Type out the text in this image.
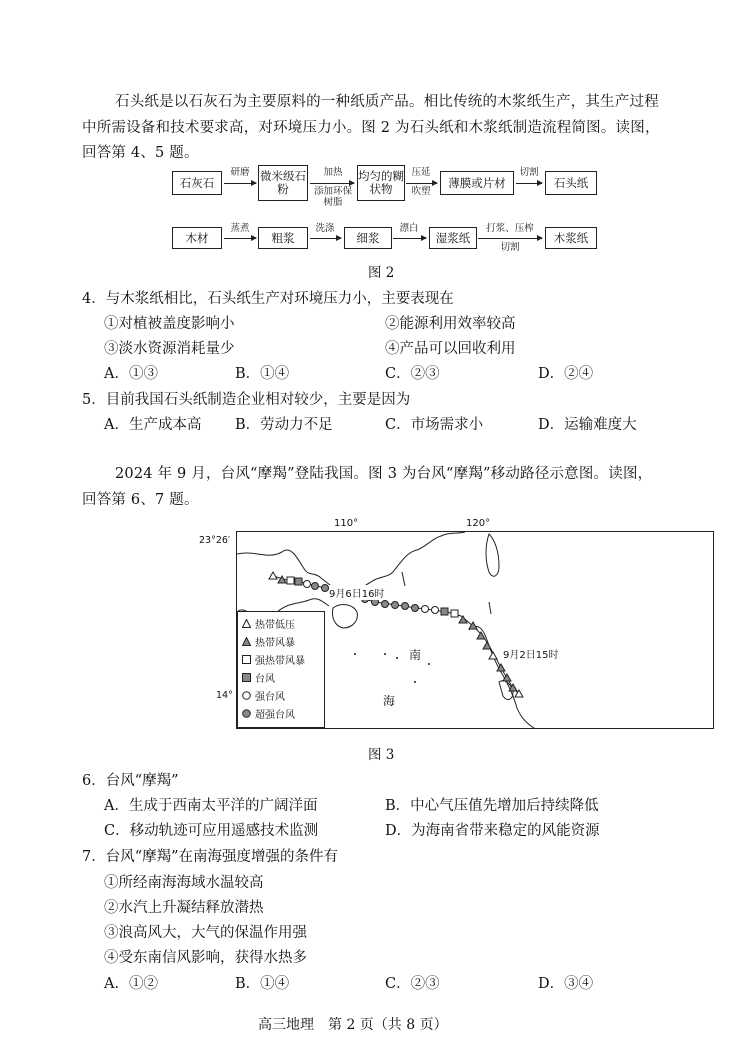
石头纸是以石灰石为主要原料的一种纸质产品。相比传统的木浆纸生产，其生产过程
中所需设备和技术要求高，对环境压力小。图 2 为石头纸和木浆纸制造流程简图。读图，
回答第 4、5 题。
石灰石
研磨 微米级石粉
加热
添加环保树脂
均匀的糊状物
压延
吹塑
薄膜或片材
切割
石头纸
木材
蒸煮
粗浆
洗涤
细浆
漂白
湿浆纸
打浆、压榨
切割
木浆纸
图 2
4．与木浆纸相比，石头纸生产对环境压力小，主要表现在
①对植被盖度影响小	②能源利用效率较高
③淡水资源消耗量少	④产品可以回收利用
A．①③	B．①④	C．②③	D．②④
5．目前我国石头纸制造企业相对较少，主要是因为
A．生产成本高 B．劳动力不足	C．市场需求小	D．运输难度大
2024 年 9 月，台风“摩羯”登陆我国。图 3 为台风“摩羯”移动路径示意图。读图，
回答第 6、7 题。
110°	120°
23°26′
14°
9月6日16时
9月2日15时
南
海
热带低压
热带风暴
强热带风暴
台风
强台风
超强台风
图 3
6．台风“摩羯”
A．生成于西南太平洋的广阔洋面	B．中心气压值先增加后持续降低
C．移动轨迹可应用遥感技术监测	D．为海南省带来稳定的风能资源
7．台风“摩羯”在南海强度增强的条件有
①所经南海海域水温较高
②水汽上升凝结释放潜热
③浪高风大，大气的保温作用强
④受东南信风影响，获得水热多
A．①②	B．①④	C．②③	D．③④
高三地理　第 2 页（共 8 页）
